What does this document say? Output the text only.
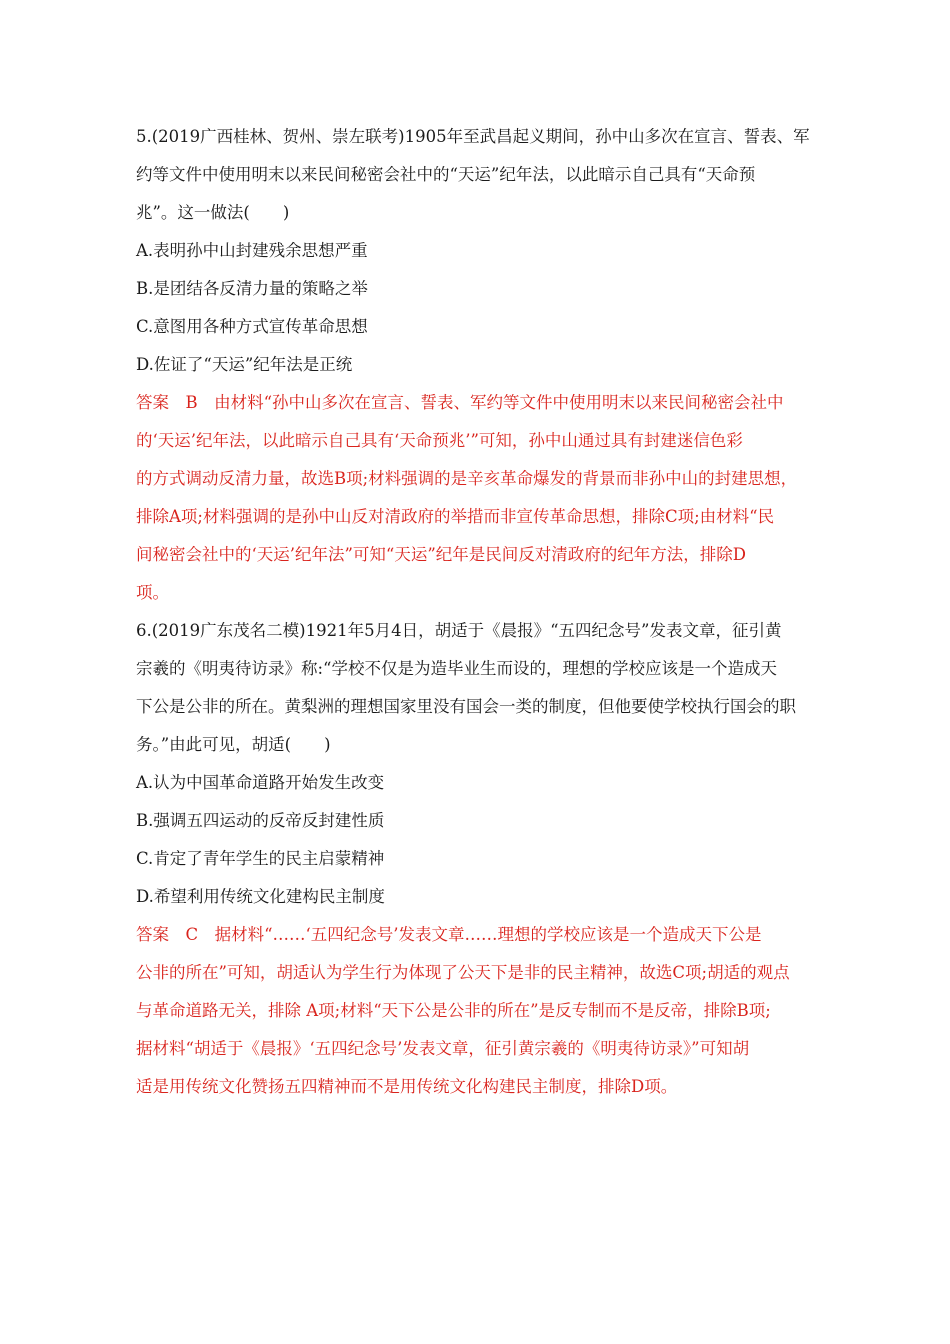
5.(2019广西桂林、贺州、崇左联考)1905年至武昌起义期间，孙中山多次在宣言、誓表、军
约等文件中使用明末以来民间秘密会社中的“天运”纪年法，以此暗示自己具有“天命预
兆”。这一做法(　　)
A.表明孙中山封建残余思想严重
B.是团结各反清力量的策略之举
C.意图用各种方式宣传革命思想
D.佐证了“天运”纪年法是正统
答案　B　由材料“孙中山多次在宣言、誓表、军约等文件中使用明末以来民间秘密会社中
的‘天运’纪年法，以此暗示自己具有‘天命预兆’”可知，孙中山通过具有封建迷信色彩
的方式调动反清力量，故选B项;材料强调的是辛亥革命爆发的背景而非孙中山的封建思想，
排除A项;材料强调的是孙中山反对清政府的举措而非宣传革命思想，排除C项;由材料“民
间秘密会社中的‘天运’纪年法”可知“天运”纪年是民间反对清政府的纪年方法，排除D
项。
6.(2019广东茂名二模)1921年5月4日，胡适于《晨报》“五四纪念号”发表文章，征引黄
宗羲的《明夷待访录》称:“学校不仅是为造毕业生而设的，理想的学校应该是一个造成天
下公是公非的所在。黄梨洲的理想国家里没有国会一类的制度，但他要使学校执行国会的职
务。”由此可见，胡适(　　)
A.认为中国革命道路开始发生改变
B.强调五四运动的反帝反封建性质
C.肯定了青年学生的民主启蒙精神
D.希望利用传统文化建构民主制度
答案　C　据材料“……‘五四纪念号’发表文章……理想的学校应该是一个造成天下公是
公非的所在”可知，胡适认为学生行为体现了公天下是非的民主精神，故选C项;胡适的观点
与革命道路无关，排除 A项;材料“天下公是公非的所在”是反专制而不是反帝，排除B项;
据材料“胡适于《晨报》‘五四纪念号’发表文章，征引黄宗羲的《明夷待访录》”可知胡
适是用传统文化赞扬五四精神而不是用传统文化构建民主制度，排除D项。
